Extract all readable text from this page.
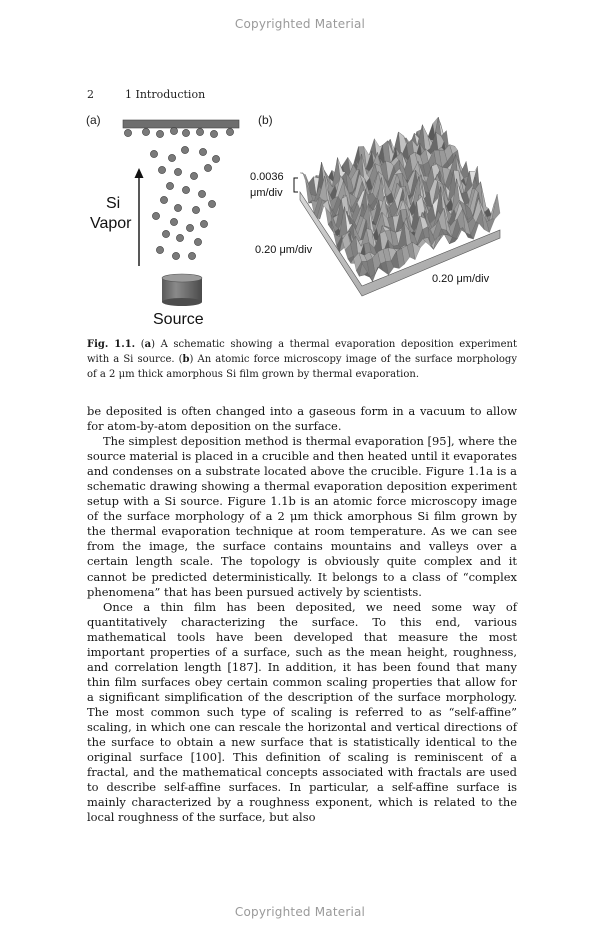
Copyrighted Material
2	1 Introduction
(a)
Si
Vapor
Source
(b)
0.0036
μm/div
0.20 μm/div
0.20 μm/div
Fig. 1.1. (a) A schematic showing a thermal evaporation deposition experiment with a Si source. (b) An atomic force microscopy image of the surface morphology of a 2 μm thick amorphous Si film grown by thermal evaporation.

be deposited is often changed into a gaseous form in a vacuum to allow for atom-by-atom deposition on the surface.

The simplest deposition method is thermal evaporation [95], where the source material is placed in a crucible and then heated until it evaporates and condenses on a substrate located above the crucible. Figure 1.1a is a schematic drawing showing a thermal evaporation deposition experiment setup with a Si source. Figure 1.1b is an atomic force microscopy image of the surface morphology of a 2 μm thick amorphous Si film grown by the thermal evaporation technique at room temperature. As we can see from the image, the surface contains mountains and valleys over a certain length scale. The topology is obviously quite complex and it cannot be predicted deterministically. It belongs to a class of “complex phenomena” that has been pursued actively by scientists.

Once a thin film has been deposited, we need some way of quantitatively characterizing the surface. To this end, various mathematical tools have been developed that measure the most important properties of a surface, such as the mean height, roughness, and correlation length [187]. In addition, it has been found that many thin film surfaces obey certain common scaling properties that allow for a significant simplification of the description of the surface morphology. The most common such type of scaling is referred to as “self-affine” scaling, in which one can rescale the horizontal and vertical directions of the surface to obtain a new surface that is statistically identical to the original surface [100]. This definition of scaling is reminiscent of a fractal, and the mathematical concepts associated with fractals are used to describe self-affine surfaces. In particular, a self-affine surface is mainly characterized by a roughness exponent, which is related to the local roughness of the surface, but also

Copyrighted Material
